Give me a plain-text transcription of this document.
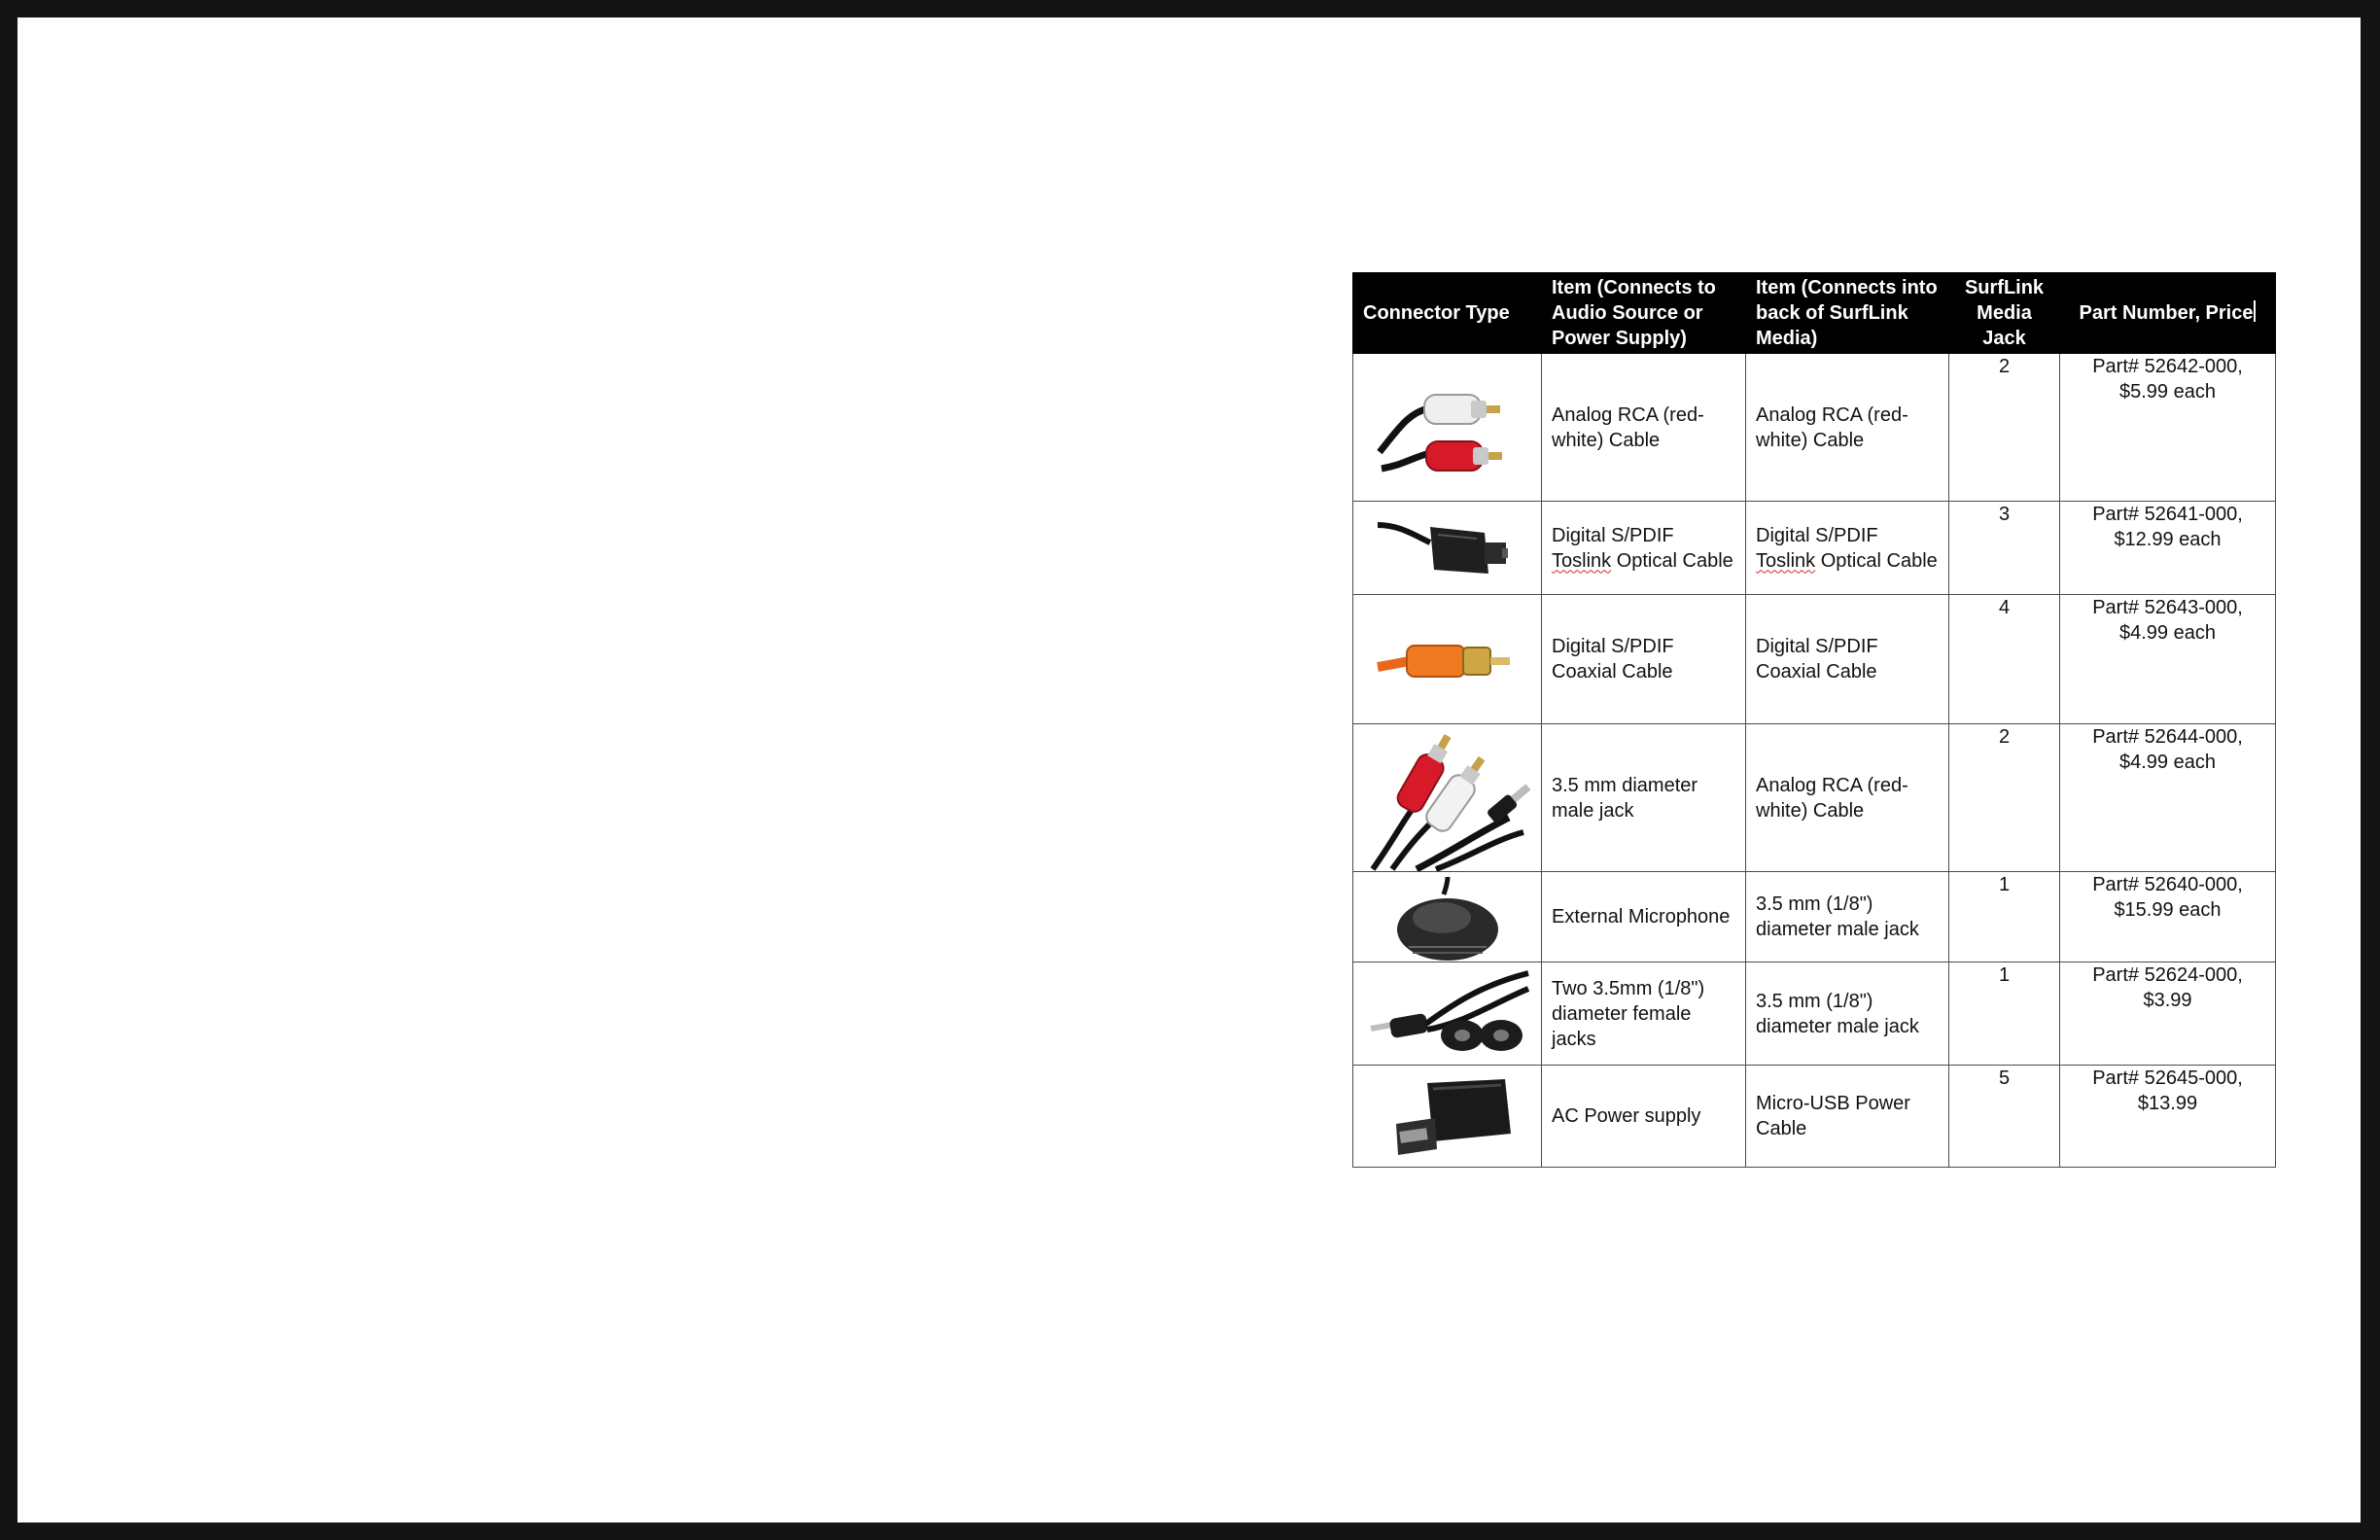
Connector Type	Item (Connects to Audio Source or Power Supply)	Item (Connects into back of SurfLink Media)	SurfLink Media Jack	Part Number, Price

	Analog RCA (red-white) Cable	Analog RCA (red-white) Cable	2	Part# 52642-000,
$5.99 each

	Digital S/PDIF Toslink Optical Cable	Digital S/PDIF Toslink Optical Cable	3	Part# 52641-000,
$12.99 each

	Digital S/PDIF Coaxial Cable	Digital S/PDIF Coaxial Cable	4	Part# 52643-000,
$4.99 each

	3.5 mm diameter male jack	Analog RCA (red-white) Cable	2	Part# 52644-000,
$4.99 each

	External Microphone	3.5 mm (1/8") diameter male jack	1	Part# 52640-000,
$15.99 each

	Two 3.5mm (1/8") diameter female jacks	3.5 mm (1/8") diameter male jack	1	Part# 52624-000,
$3.99

	AC Power supply	Micro-USB Power Cable	5	Part# 52645-000,
$13.99
